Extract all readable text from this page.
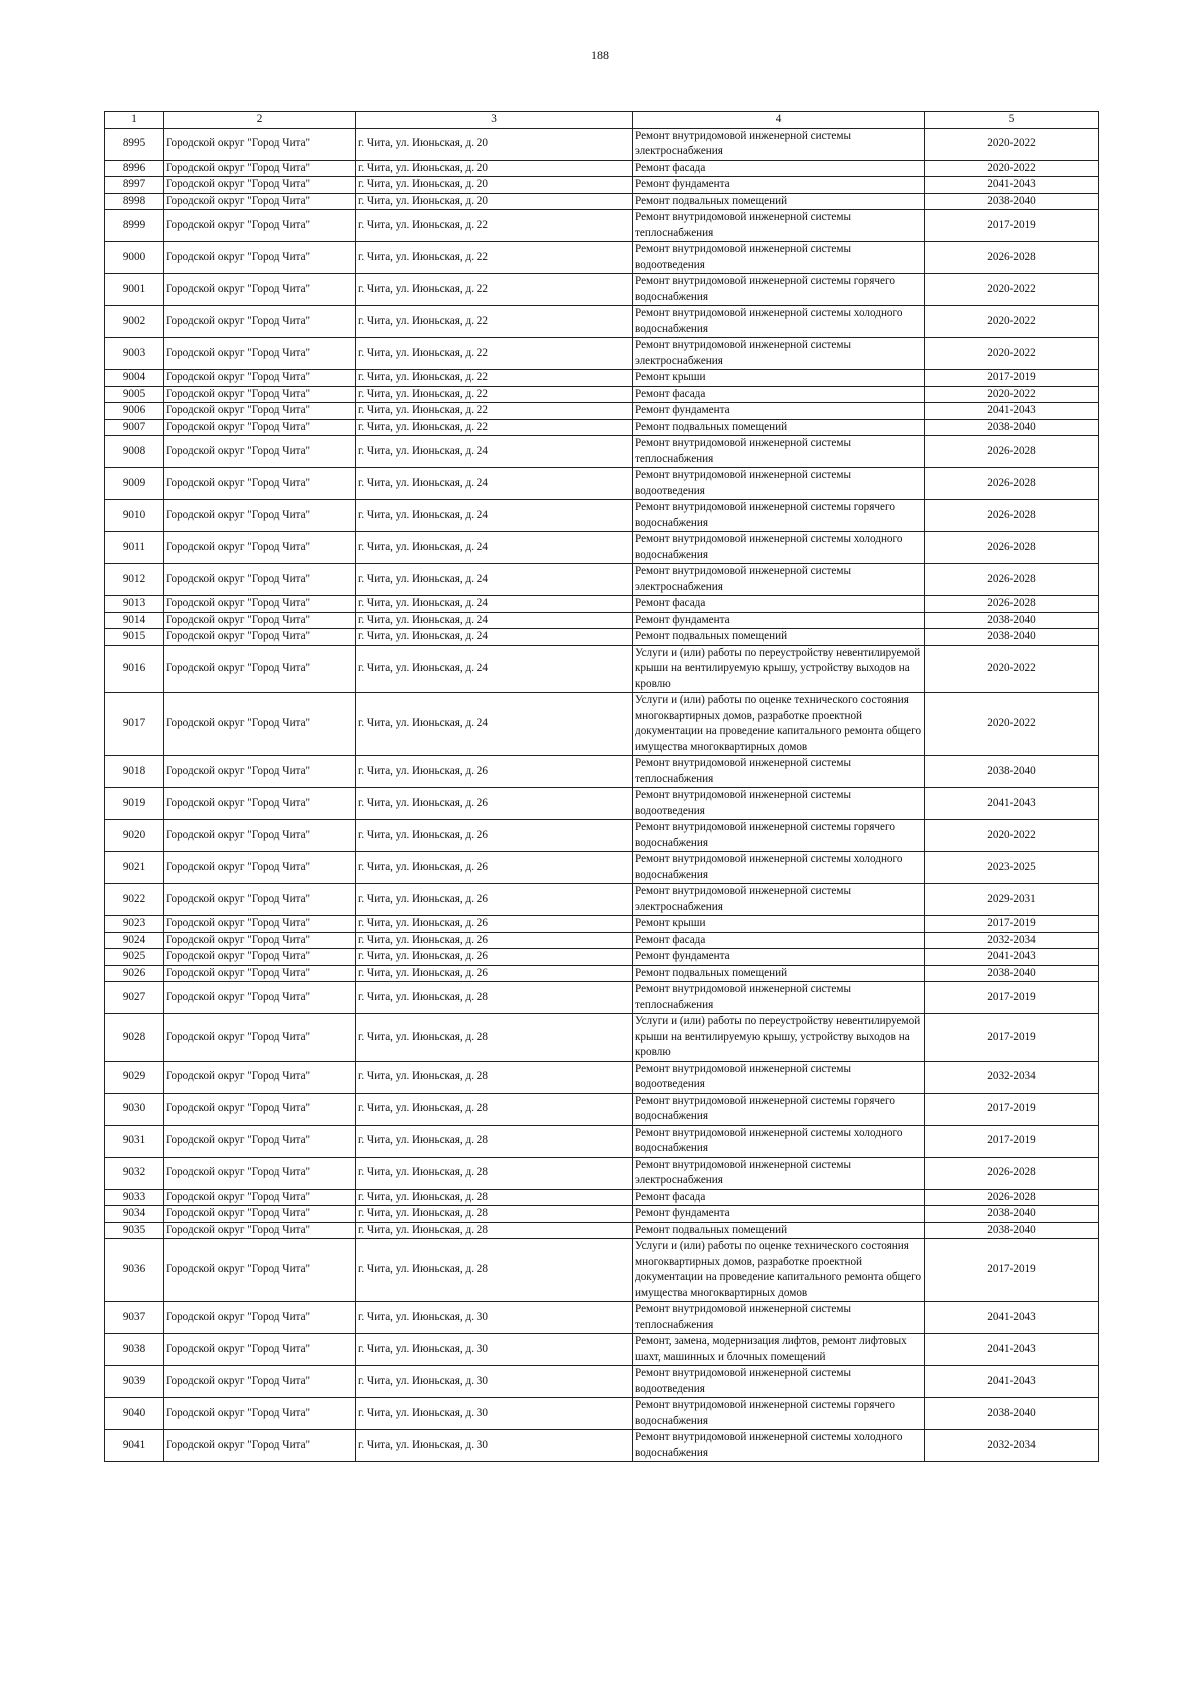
188
1	2	3	4	5
8995	Городской округ "Город Чита"	г. Чита, ул. Июньская, д. 20	Ремонт внутридомовой инженерной системы электроснабжения	2020-2022
8996	Городской округ "Город Чита"	г. Чита, ул. Июньская, д. 20	Ремонт фасада	2020-2022
8997	Городской округ "Город Чита"	г. Чита, ул. Июньская, д. 20	Ремонт фундамента	2041-2043
8998	Городской округ "Город Чита"	г. Чита, ул. Июньская, д. 20	Ремонт подвальных помещений	2038-2040
8999	Городской округ "Город Чита"	г. Чита, ул. Июньская, д. 22	Ремонт внутридомовой инженерной системы теплоснабжения	2017-2019
9000	Городской округ "Город Чита"	г. Чита, ул. Июньская, д. 22	Ремонт внутридомовой инженерной системы водоотведения	2026-2028
9001	Городской округ "Город Чита"	г. Чита, ул. Июньская, д. 22	Ремонт внутридомовой инженерной системы горячего водоснабжения	2020-2022
9002	Городской округ "Город Чита"	г. Чита, ул. Июньская, д. 22	Ремонт внутридомовой инженерной системы холодного водоснабжения	2020-2022
9003	Городской округ "Город Чита"	г. Чита, ул. Июньская, д. 22	Ремонт внутридомовой инженерной системы электроснабжения	2020-2022
9004	Городской округ "Город Чита"	г. Чита, ул. Июньская, д. 22	Ремонт крыши	2017-2019
9005	Городской округ "Город Чита"	г. Чита, ул. Июньская, д. 22	Ремонт фасада	2020-2022
9006	Городской округ "Город Чита"	г. Чита, ул. Июньская, д. 22	Ремонт фундамента	2041-2043
9007	Городской округ "Город Чита"	г. Чита, ул. Июньская, д. 22	Ремонт подвальных помещений	2038-2040
9008	Городской округ "Город Чита"	г. Чита, ул. Июньская, д. 24	Ремонт внутридомовой инженерной системы теплоснабжения	2026-2028
9009	Городской округ "Город Чита"	г. Чита, ул. Июньская, д. 24	Ремонт внутридомовой инженерной системы водоотведения	2026-2028
9010	Городской округ "Город Чита"	г. Чита, ул. Июньская, д. 24	Ремонт внутридомовой инженерной системы горячего водоснабжения	2026-2028
9011	Городской округ "Город Чита"	г. Чита, ул. Июньская, д. 24	Ремонт внутридомовой инженерной системы холодного водоснабжения	2026-2028
9012	Городской округ "Город Чита"	г. Чита, ул. Июньская, д. 24	Ремонт внутридомовой инженерной системы электроснабжения	2026-2028
9013	Городской округ "Город Чита"	г. Чита, ул. Июньская, д. 24	Ремонт фасада	2026-2028
9014	Городской округ "Город Чита"	г. Чита, ул. Июньская, д. 24	Ремонт фундамента	2038-2040
9015	Городской округ "Город Чита"	г. Чита, ул. Июньская, д. 24	Ремонт подвальных помещений	2038-2040
9016	Городской округ "Город Чита"	г. Чита, ул. Июньская, д. 24	Услуги и (или) работы по переустройству невентилируемой крыши на вентилируемую крышу, устройству выходов на кровлю	2020-2022
9017	Городской округ "Город Чита"	г. Чита, ул. Июньская, д. 24	Услуги и (или) работы по оценке технического состояния многоквартирных домов, разработке проектной документации на проведение капитального ремонта общего имущества многоквартирных домов	2020-2022
9018	Городской округ "Город Чита"	г. Чита, ул. Июньская, д. 26	Ремонт внутридомовой инженерной системы теплоснабжения	2038-2040
9019	Городской округ "Город Чита"	г. Чита, ул. Июньская, д. 26	Ремонт внутридомовой инженерной системы водоотведения	2041-2043
9020	Городской округ "Город Чита"	г. Чита, ул. Июньская, д. 26	Ремонт внутридомовой инженерной системы горячего водоснабжения	2020-2022
9021	Городской округ "Город Чита"	г. Чита, ул. Июньская, д. 26	Ремонт внутридомовой инженерной системы холодного водоснабжения	2023-2025
9022	Городской округ "Город Чита"	г. Чита, ул. Июньская, д. 26	Ремонт внутридомовой инженерной системы электроснабжения	2029-2031
9023	Городской округ "Город Чита"	г. Чита, ул. Июньская, д. 26	Ремонт крыши	2017-2019
9024	Городской округ "Город Чита"	г. Чита, ул. Июньская, д. 26	Ремонт фасада	2032-2034
9025	Городской округ "Город Чита"	г. Чита, ул. Июньская, д. 26	Ремонт фундамента	2041-2043
9026	Городской округ "Город Чита"	г. Чита, ул. Июньская, д. 26	Ремонт подвальных помещений	2038-2040
9027	Городской округ "Город Чита"	г. Чита, ул. Июньская, д. 28	Ремонт внутридомовой инженерной системы теплоснабжения	2017-2019
9028	Городской округ "Город Чита"	г. Чита, ул. Июньская, д. 28	Услуги и (или) работы по переустройству невентилируемой крыши на вентилируемую крышу, устройству выходов на кровлю	2017-2019
9029	Городской округ "Город Чита"	г. Чита, ул. Июньская, д. 28	Ремонт внутридомовой инженерной системы водоотведения	2032-2034
9030	Городской округ "Город Чита"	г. Чита, ул. Июньская, д. 28	Ремонт внутридомовой инженерной системы горячего водоснабжения	2017-2019
9031	Городской округ "Город Чита"	г. Чита, ул. Июньская, д. 28	Ремонт внутридомовой инженерной системы холодного водоснабжения	2017-2019
9032	Городской округ "Город Чита"	г. Чита, ул. Июньская, д. 28	Ремонт внутридомовой инженерной системы электроснабжения	2026-2028
9033	Городской округ "Город Чита"	г. Чита, ул. Июньская, д. 28	Ремонт фасада	2026-2028
9034	Городской округ "Город Чита"	г. Чита, ул. Июньская, д. 28	Ремонт фундамента	2038-2040
9035	Городской округ "Город Чита"	г. Чита, ул. Июньская, д. 28	Ремонт подвальных помещений	2038-2040
9036	Городской округ "Город Чита"	г. Чита, ул. Июньская, д. 28	Услуги и (или) работы по оценке технического состояния многоквартирных домов, разработке проектной документации на проведение капитального ремонта общего имущества многоквартирных домов	2017-2019
9037	Городской округ "Город Чита"	г. Чита, ул. Июньская, д. 30	Ремонт внутридомовой инженерной системы теплоснабжения	2041-2043
9038	Городской округ "Город Чита"	г. Чита, ул. Июньская, д. 30	Ремонт, замена, модернизация лифтов, ремонт лифтовых шахт, машинных и блочных помещений	2041-2043
9039	Городской округ "Город Чита"	г. Чита, ул. Июньская, д. 30	Ремонт внутридомовой инженерной системы водоотведения	2041-2043
9040	Городской округ "Город Чита"	г. Чита, ул. Июньская, д. 30	Ремонт внутридомовой инженерной системы горячего водоснабжения	2038-2040
9041	Городской округ "Город Чита"	г. Чита, ул. Июньская, д. 30	Ремонт внутридомовой инженерной системы холодного водоснабжения	2032-2034
